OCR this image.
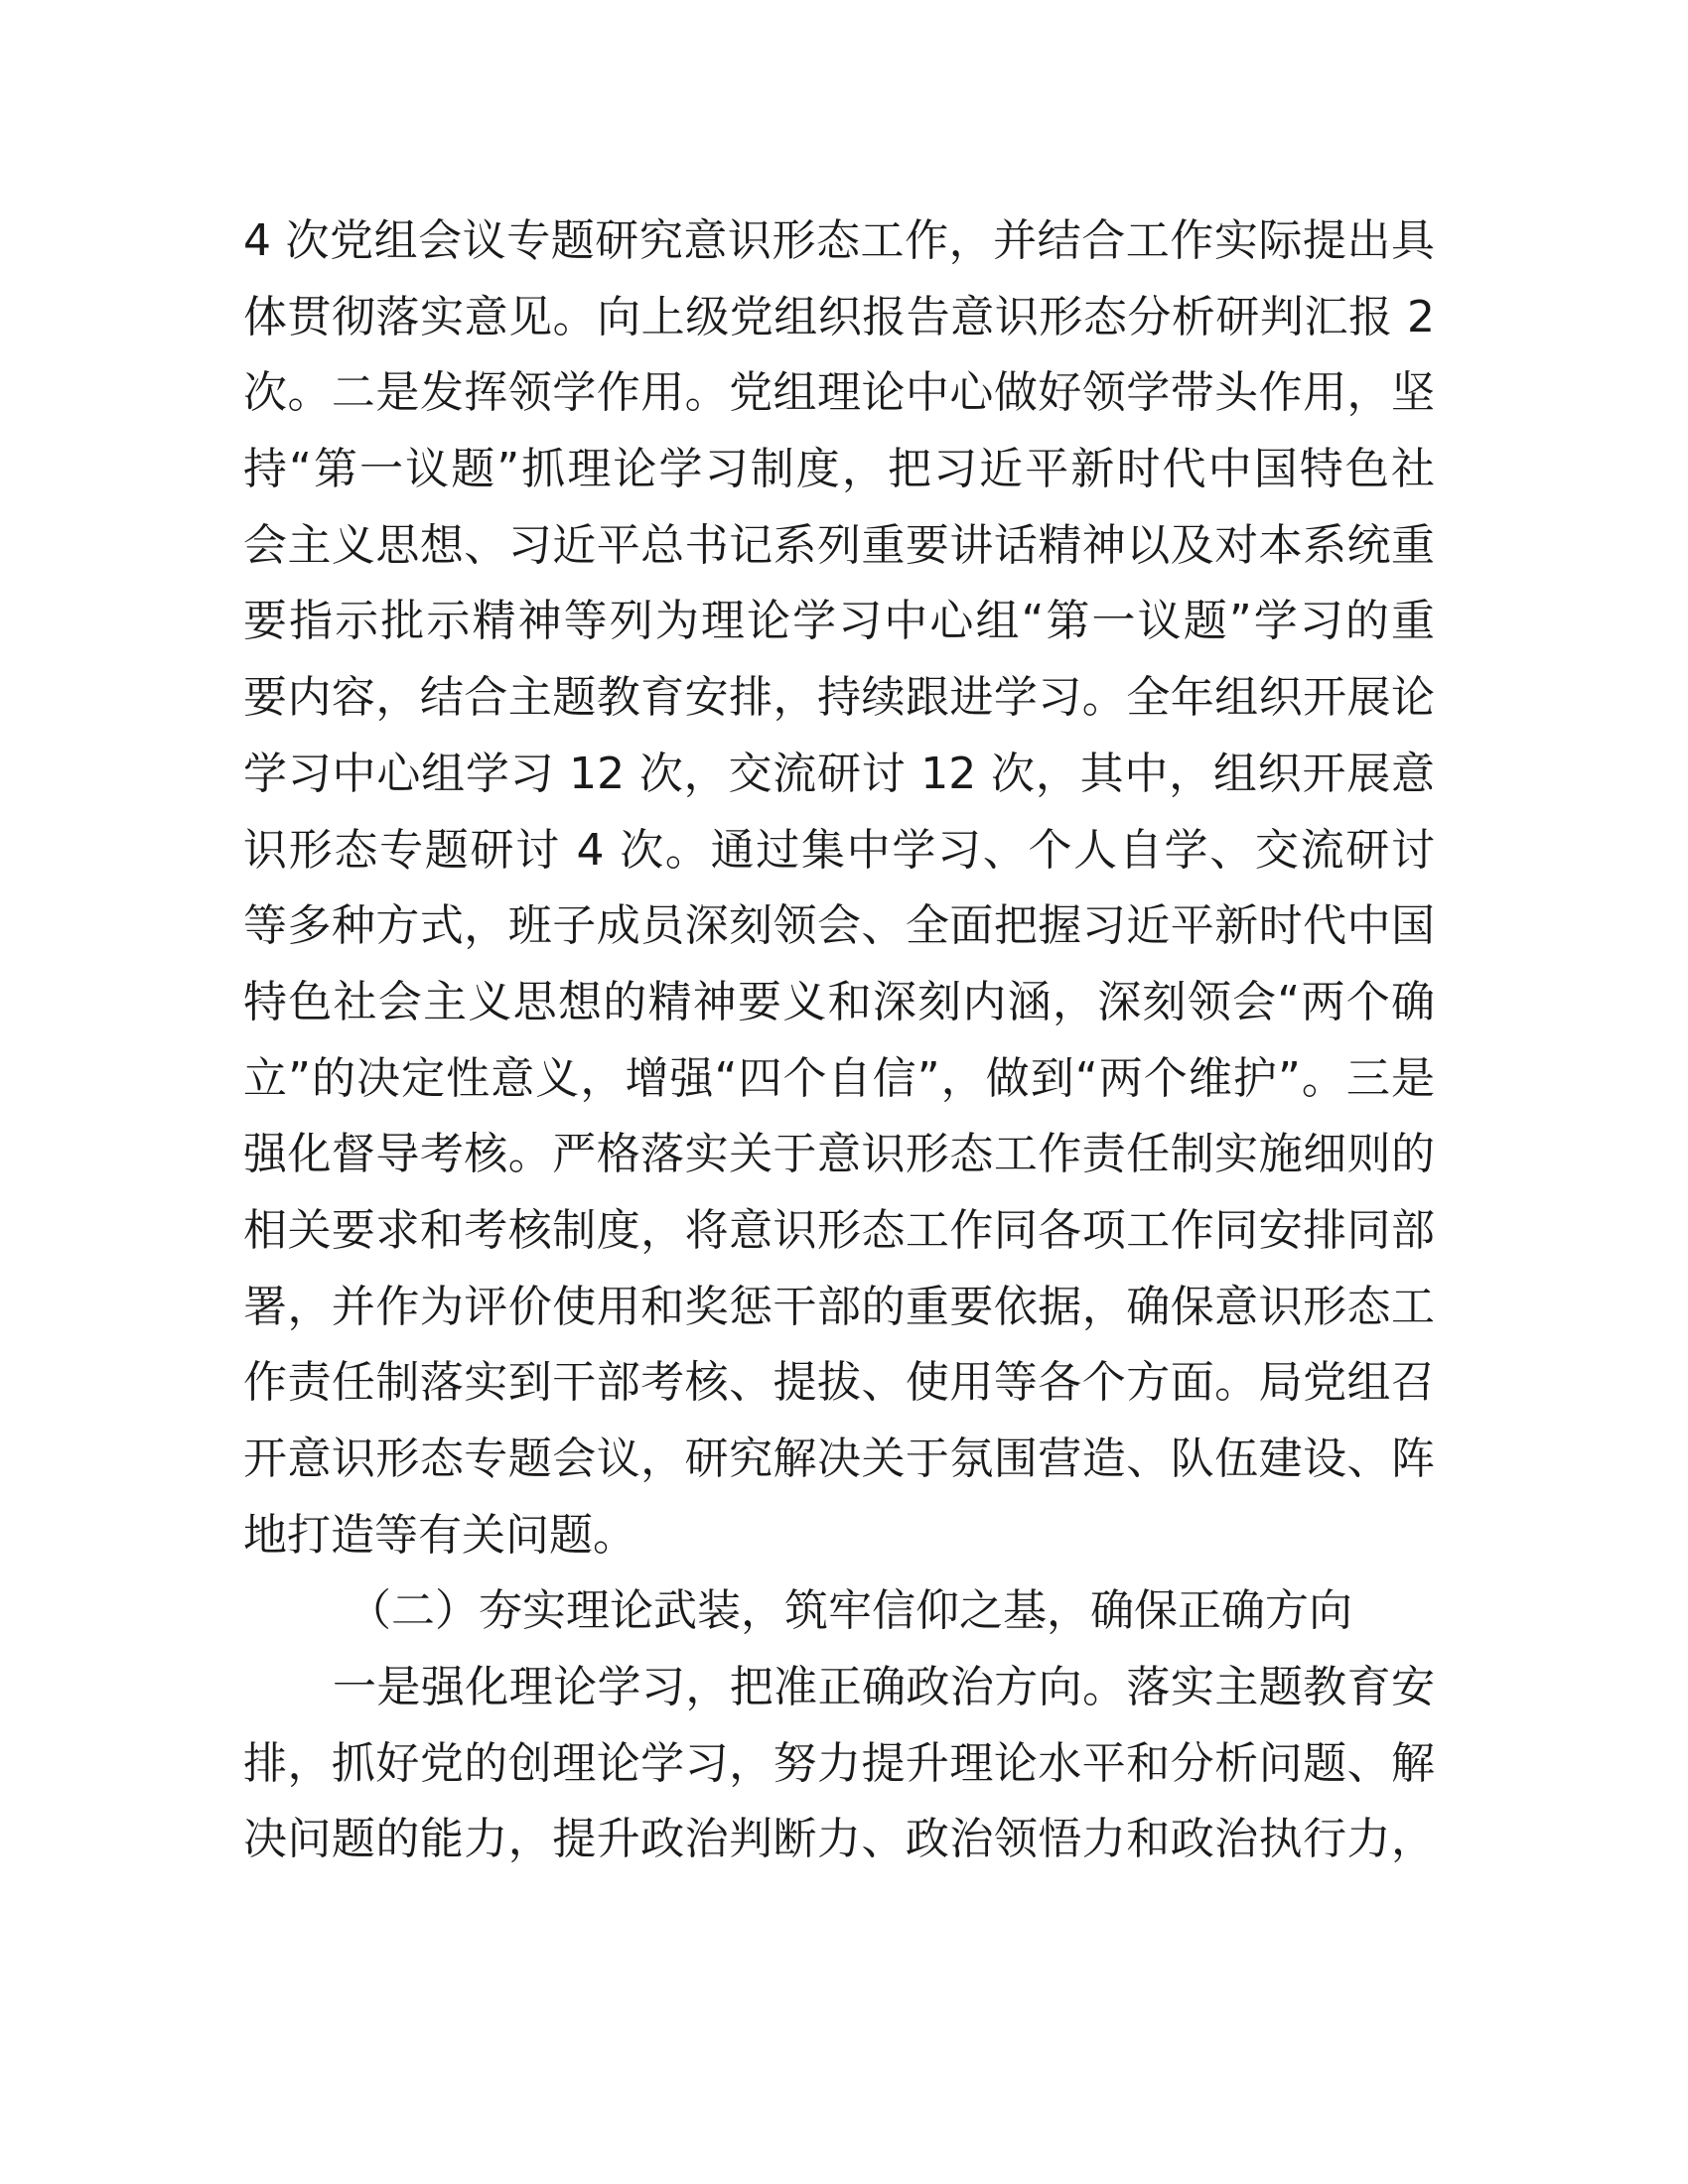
4 次党组会议专题研究意识形态工作，并结合工作实际提出具
体贯彻落实意见。向上级党组织报告意识形态分析研判汇报 2
次。二是发挥领学作用。党组理论中心做好领学带头作用，坚
持“第一议题”抓理论学习制度，把习近平新时代中国特色社
会主义思想、习近平总书记系列重要讲话精神以及对本系统重
要指示批示精神等列为理论学习中心组“第一议题”学习的重
要内容，结合主题教育安排，持续跟进学习。全年组织开展论
学习中心组学习 12 次，交流研讨 12 次，其中，组织开展意
识形态专题研讨 4 次。通过集中学习、个人自学、交流研讨
等多种方式，班子成员深刻领会、全面把握习近平新时代中国
特色社会主义思想的精神要义和深刻内涵，深刻领会“两个确
立”的决定性意义，增强“四个自信”，做到“两个维护”。三是
强化督导考核。严格落实关于意识形态工作责任制实施细则的
相关要求和考核制度，将意识形态工作同各项工作同安排同部
署，并作为评价使用和奖惩干部的重要依据，确保意识形态工
作责任制落实到干部考核、提拔、使用等各个方面。局党组召
开意识形态专题会议，研究解决关于氛围营造、队伍建设、阵
地打造等有关问题。

（二）夯实理论武装，筑牢信仰之基，确保正确方向

一是强化理论学习，把准正确政治方向。落实主题教育安
排，抓好党的创理论学习，努力提升理论水平和分析问题、解
决问题的能力，提升政治判断力、政治领悟力和政治执行力，
